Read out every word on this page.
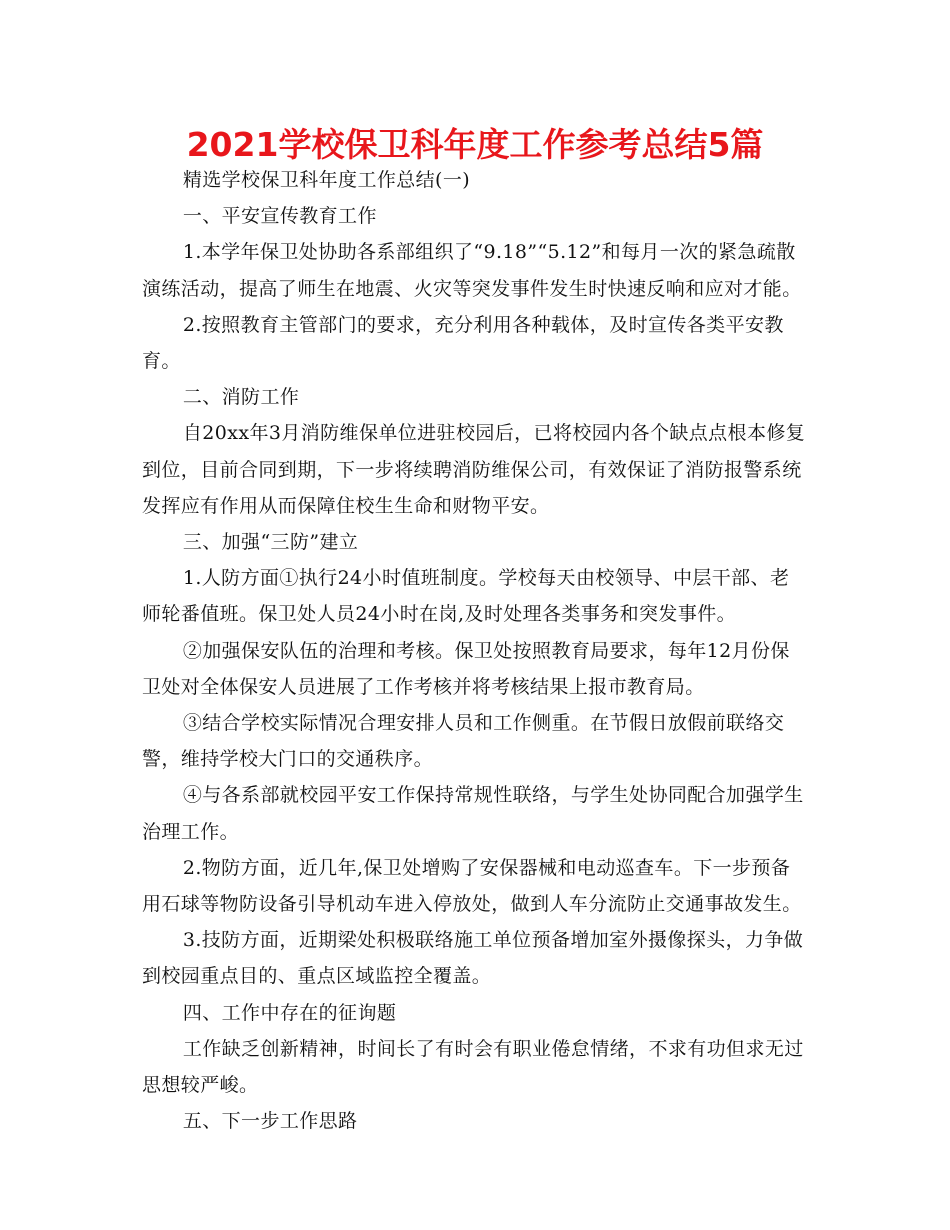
2021学校保卫科年度工作参考总结5篇

精选学校保卫科年度工作总结(一)

一、平安宣传教育工作

1.本学年保卫处协助各系部组织了“9.18”“5.12”和每月一次的紧急疏散演练活动，提高了师生在地震、火灾等突发事件发生时快速反响和应对才能。

2.按照教育主管部门的要求，充分利用各种载体，及时宣传各类平安教育。

二、消防工作

自20xx年3月消防维保单位进驻校园后，已将校园内各个缺点点根本修复到位，目前合同到期，下一步将续聘消防维保公司，有效保证了消防报警系统发挥应有作用从而保障住校生生命和财物平安。

三、加强“三防”建立

1.人防方面①执行24小时值班制度。学校每天由校领导、中层干部、老师轮番值班。保卫处人员24小时在岗,及时处理各类事务和突发事件。

②加强保安队伍的治理和考核。保卫处按照教育局要求，每年12月份保卫处对全体保安人员进展了工作考核并将考核结果上报市教育局。

③结合学校实际情况合理安排人员和工作侧重。在节假日放假前联络交警，维持学校大门口的交通秩序。

④与各系部就校园平安工作保持常规性联络，与学生处协同配合加强学生治理工作。

2.物防方面，近几年,保卫处增购了安保器械和电动巡查车。下一步预备用石球等物防设备引导机动车进入停放处，做到人车分流防止交通事故发生。

3.技防方面，近期梁处积极联络施工单位预备增加室外摄像探头，力争做到校园重点目的、重点区域监控全覆盖。

四、工作中存在的征询题

工作缺乏创新精神，时间长了有时会有职业倦怠情绪，不求有功但求无过思想较严峻。

五、下一步工作思路
